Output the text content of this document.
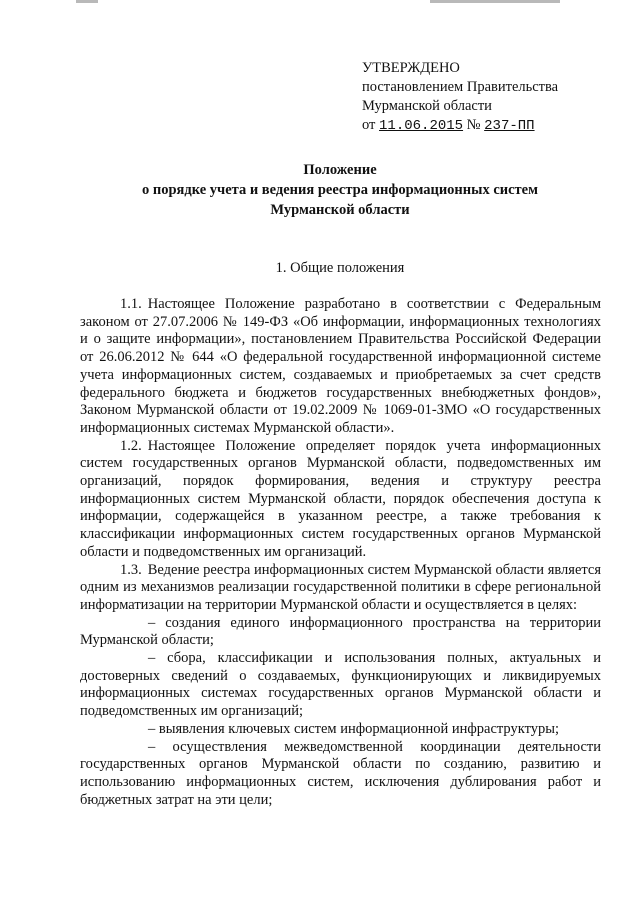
УТВЕРЖДЕНО
постановлением Правительства
Мурманской области
от 11.06.2015 № 237-ПП
Положение
о порядке учета и ведения реестра информационных систем
Мурманской области
1. Общие положения

1.1. Настоящее Положение разработано в соответствии с Федеральным законом от 27.07.2006 № 149-ФЗ «Об информации, информационных технологиях и о защите информации», постановлением Правительства Российской Федерации от 26.06.2012 № 644 «О федеральной государственной информационной системе учета информационных систем, создаваемых и приобретаемых за счет средств федерального бюджета и бюджетов государственных внебюджетных фондов», Законом Мурманской области от 19.02.2009 № 1069-01-ЗМО «О государственных информационных системах Мурманской области».

1.2. Настоящее Положение определяет порядок учета информационных систем государственных органов Мурманской области, подведомственных им организаций, порядок формирования, ведения и структуру реестра информационных систем Мурманской области, порядок обеспечения доступа к информации, содержащейся в указанном реестре, а также требования к классификации информационных систем государственных органов Мурманской области и подведомственных им организаций.

1.3. Ведение реестра информационных систем Мурманской области является одним из механизмов реализации государственной политики в сфере региональной информатизации на территории Мурманской области и осуществляется в целях:

– создания единого информационного пространства на территории Мурманской области;

– сбора, классификации и использования полных, актуальных и достоверных сведений о создаваемых, функционирующих и ликвидируемых информационных системах государственных органов Мурманской области и подведомственных им организаций;

– выявления ключевых систем информационной инфраструктуры;

– осуществления межведомственной координации деятельности государственных органов Мурманской области по созданию, развитию и использованию информационных систем, исключения дублирования работ и бюджетных затрат на эти цели;
